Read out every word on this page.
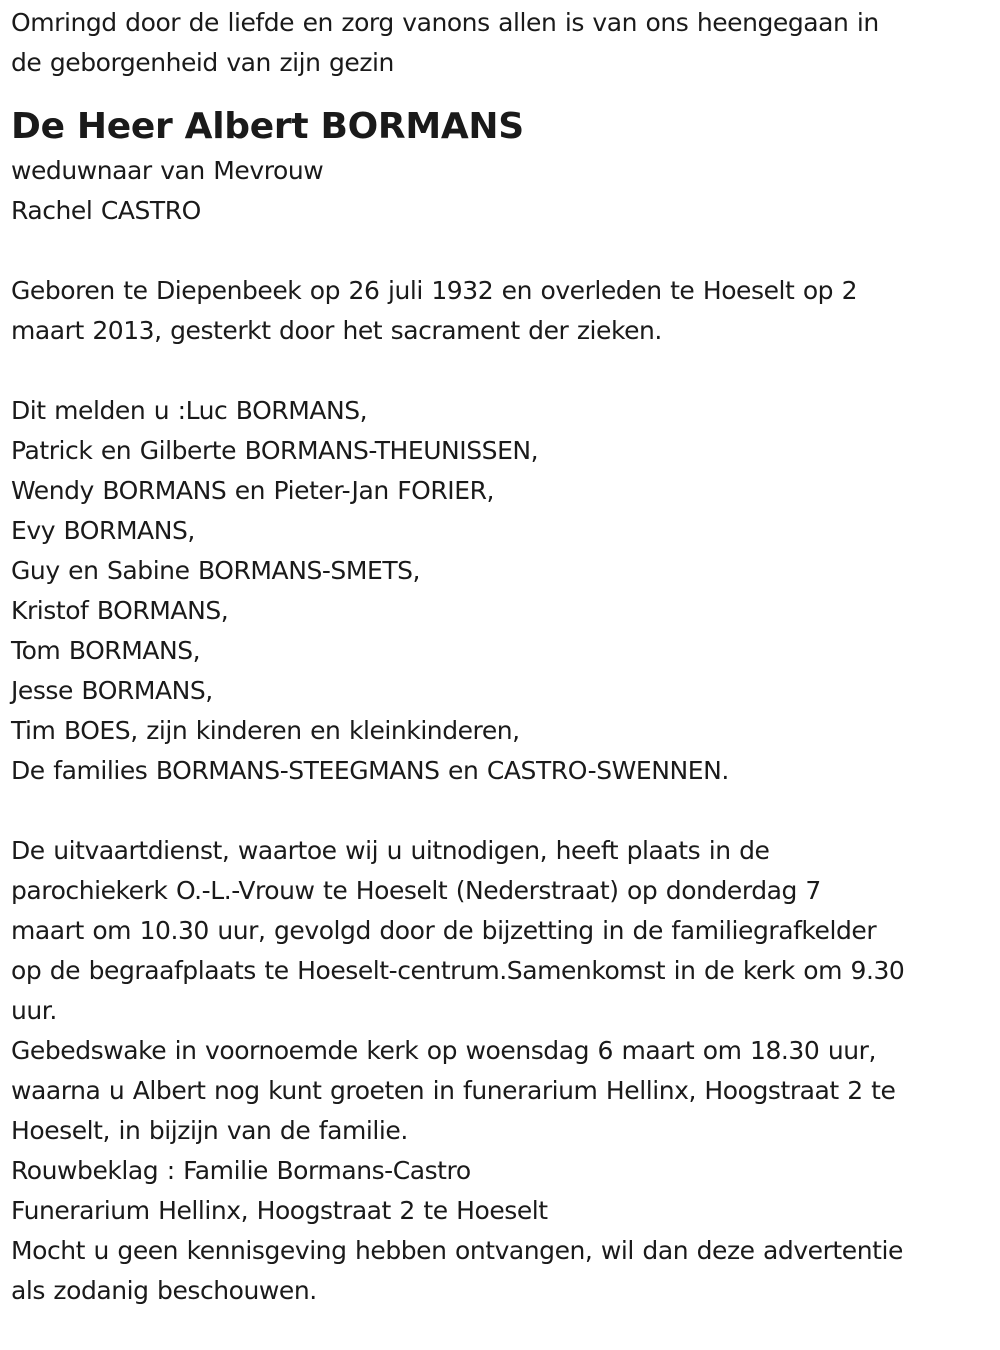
Omringd door de liefde en zorg vanons allen is van ons heengegaan in
de geborgenheid van zijn gezin
De Heer Albert BORMANS
weduwnaar van Mevrouw
Rachel CASTRO
Geboren te Diepenbeek op 26 juli 1932 en overleden te Hoeselt op 2
maart 2013, gesterkt door het sacrament der zieken.
Dit melden u :Luc BORMANS,
Patrick en Gilberte BORMANS-THEUNISSEN,
Wendy BORMANS en Pieter-Jan FORIER,
Evy BORMANS,
Guy en Sabine BORMANS-SMETS,
Kristof BORMANS,
Tom BORMANS,
Jesse BORMANS,
Tim BOES, zijn kinderen en kleinkinderen,
De families BORMANS-STEEGMANS en CASTRO-SWENNEN.
De uitvaartdienst, waartoe wij u uitnodigen, heeft plaats in de
parochiekerk O.-L.-Vrouw te Hoeselt (Nederstraat) op donderdag 7
maart om 10.30 uur, gevolgd door de bijzetting in de familiegrafkelder
op de begraafplaats te Hoeselt-centrum.Samenkomst in de kerk om 9.30
uur.
Gebedswake in voornoemde kerk op woensdag 6 maart om 18.30 uur,
waarna u Albert nog kunt groeten in funerarium Hellinx, Hoogstraat 2 te
Hoeselt, in bijzijn van de familie.
Rouwbeklag : Familie Bormans-Castro
Funerarium Hellinx, Hoogstraat 2 te Hoeselt
Mocht u geen kennisgeving hebben ontvangen, wil dan deze advertentie
als zodanig beschouwen.
